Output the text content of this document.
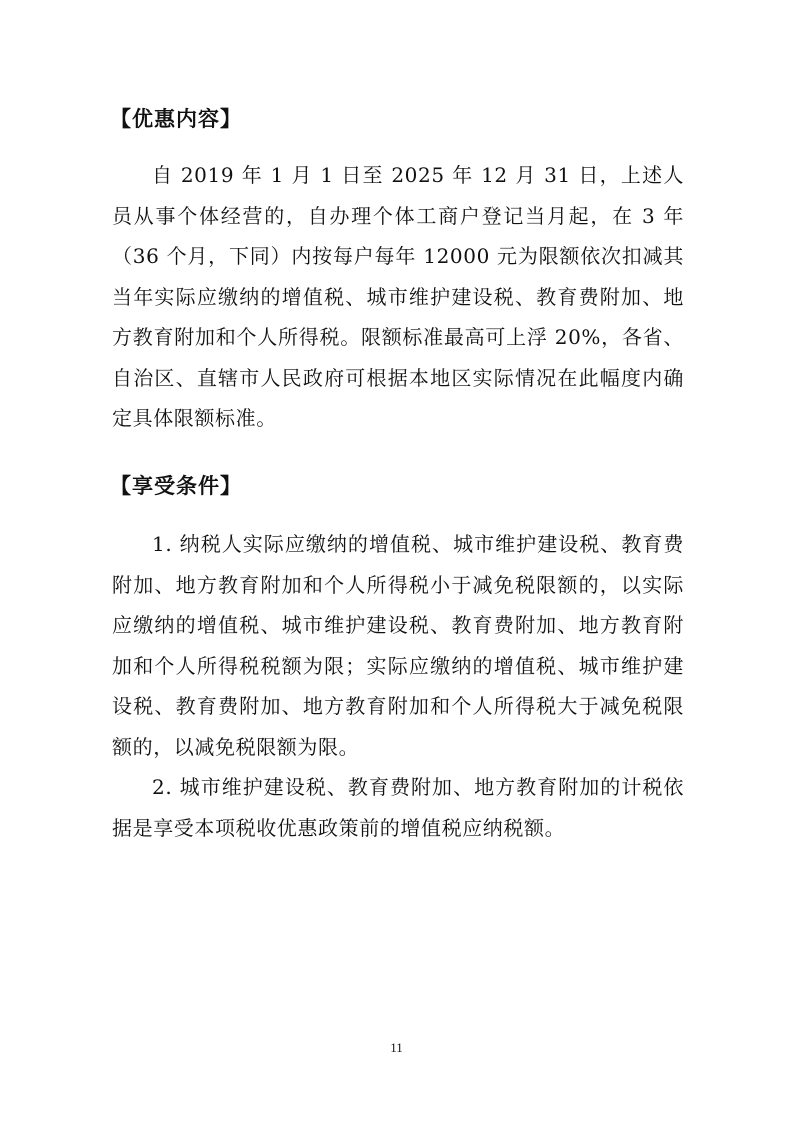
【优惠内容】

自 2019 年 1 月 1 日至 2025 年 12 月 31 日，上述人员从事个体经营的，自办理个体工商户登记当月起，在 3 年（36 个月，下同）内按每户每年 12000 元为限额依次扣减其当年实际应缴纳的增值税、城市维护建设税、教育费附加、地方教育附加和个人所得税。限额标准最高可上浮 20%，各省、自治区、直辖市人民政府可根据本地区实际情况在此幅度内确定具体限额标准。

【享受条件】

1. 纳税人实际应缴纳的增值税、城市维护建设税、教育费附加、地方教育附加和个人所得税小于减免税限额的，以实际应缴纳的增值税、城市维护建设税、教育费附加、地方教育附加和个人所得税税额为限；实际应缴纳的增值税、城市维护建设税、教育费附加、地方教育附加和个人所得税大于减免税限额的，以减免税限额为限。

2. 城市维护建设税、教育费附加、地方教育附加的计税依据是享受本项税收优惠政策前的增值税应纳税额。

11
